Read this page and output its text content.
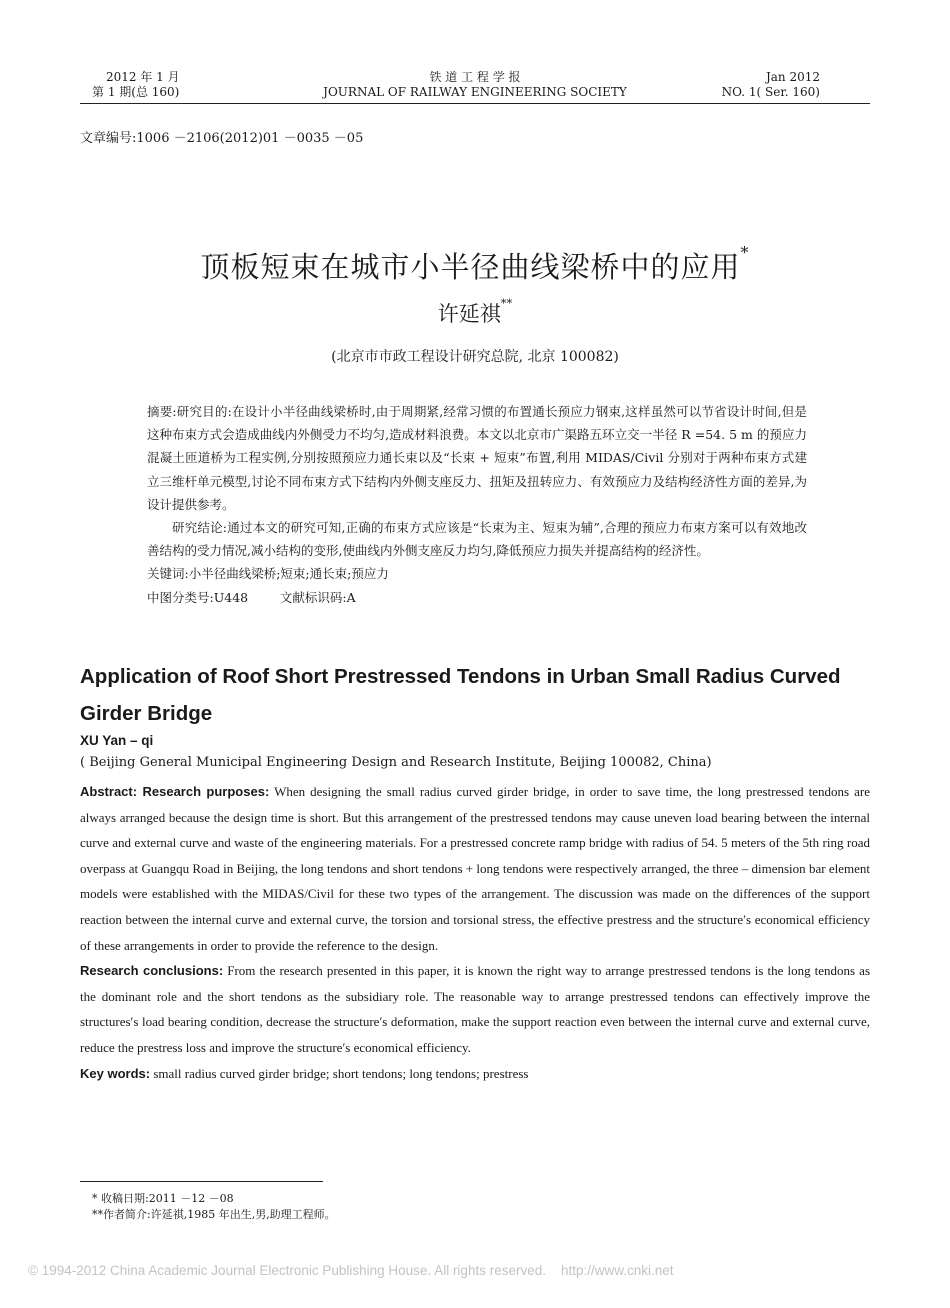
2012 年 1 月
第 1 期(总 160)
铁 道 工 程 学 报
JOURNAL OF RAILWAY ENGINEERING SOCIETY
Jan 2012
NO. 1( Ser. 160)
文章编号:1006 －2106(2012)01 －0035 －05
顶板短束在城市小半径曲线梁桥中的应用*
许延祺**
(北京市市政工程设计研究总院, 北京 100082)

摘要:研究目的:在设计小半径曲线梁桥时,由于周期紧,经常习惯的布置通长预应力钢束,这样虽然可以节省设计时间,但是这种布束方式会造成曲线内外侧受力不均匀,造成材料浪费。本文以北京市广渠路五环立交一半径 R =54. 5 m 的预应力混凝土匝道桥为工程实例,分别按照预应力通长束以及“长束 + 短束”布置,利用 MIDAS/Civil 分别对于两种布束方式建立三维杆单元模型,讨论不同布束方式下结构内外侧支座反力、扭矩及扭转应力、有效预应力及结构经济性方面的差异,为设计提供参考。

研究结论:通过本文的研究可知,正确的布束方式应该是“长束为主、短束为辅”,合理的预应力布束方案可以有效地改善结构的受力情况,减小结构的变形,使曲线内外侧支座反力均匀,降低预应力损失并提高结构的经济性。

关键词:小半径曲线梁桥;短束;通长束;预应力

中图分类号:U448        文献标识码:A

Application of Roof Short Prestressed Tendons in Urban Small Radius Curved Girder Bridge
XU Yan – qi
( Beijing General Municipal Engineering Design and Research Institute, Beijing 100082, China)

Abstract: Research purposes: When designing the small radius curved girder bridge, in order to save time, the long prestressed tendons are always arranged because the design time is short. But this arrangement of the prestressed tendons may cause uneven load bearing between the internal curve and external curve and waste of the engineering materials. For a prestressed concrete ramp bridge with radius of 54. 5 meters of the 5th ring road overpass at Guangqu Road in Beijing, the long tendons and short tendons + long tendons were respectively arranged, the three – dimension bar element models were established with the MIDAS/Civil for these two types of the arrangement. The discussion was made on the differences of the support reaction between the internal curve and external curve, the torsion and torsional stress, the effective prestress and the structure′s economical efficiency of these arrangements in order to provide the reference to the design.

Research conclusions: From the research presented in this paper, it is known the right way to arrange prestressed tendons is the long tendons as the dominant role and the short tendons as the subsidiary role. The reasonable way to arrange prestressed tendons can effectively improve the structures′s load bearing condition, decrease the structure′s deformation, make the support reaction even between the internal curve and external curve, reduce the prestress loss and improve the structure′s economical efficiency.

Key words: small radius curved girder bridge; short tendons; long tendons; prestress

* 收稿日期:2011 －12 －08
**作者简介:许延祺,1985 年出生,男,助理工程师。
© 1994-2012 China Academic Journal Electronic Publishing House. All rights reserved.    http://www.cnki.net
